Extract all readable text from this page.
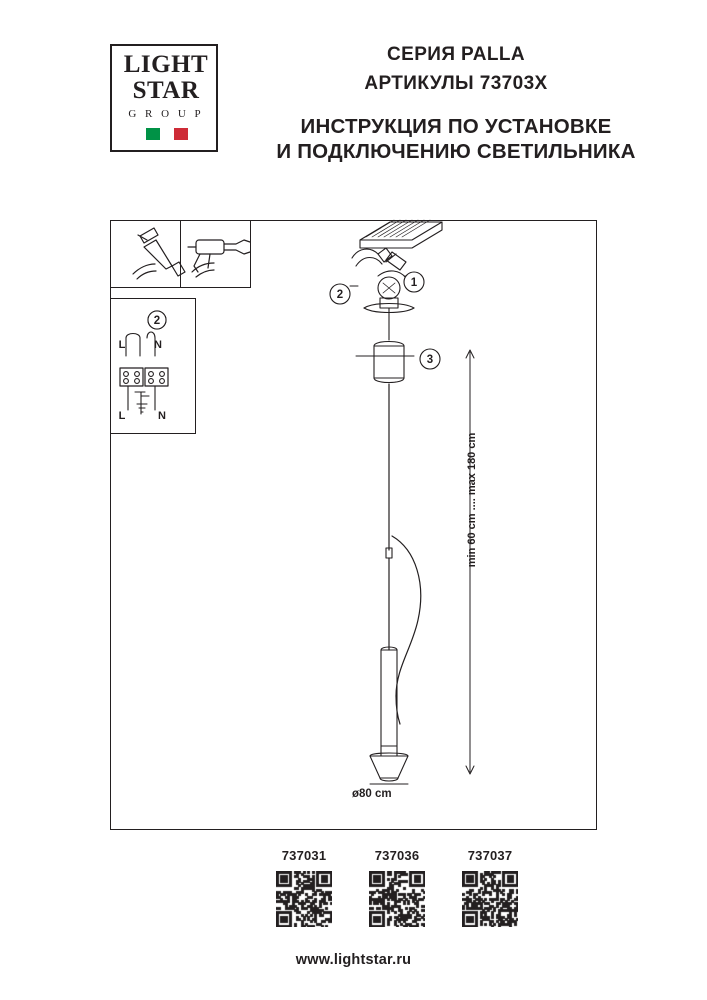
LIGHT
STAR
G R O U P
СЕРИЯ PALLA
АРТИКУЛЫ 73703X
ИНСТРУКЦИЯ ПО УСТАНОВКЕ
И ПОДКЛЮЧЕНИЮ СВЕТИЛЬНИКА
1
2
3
2
L	N
L	N
min 60 cm .... max 180 cm
ø80 cm
737031	737036	737037
www.lightstar.ru
